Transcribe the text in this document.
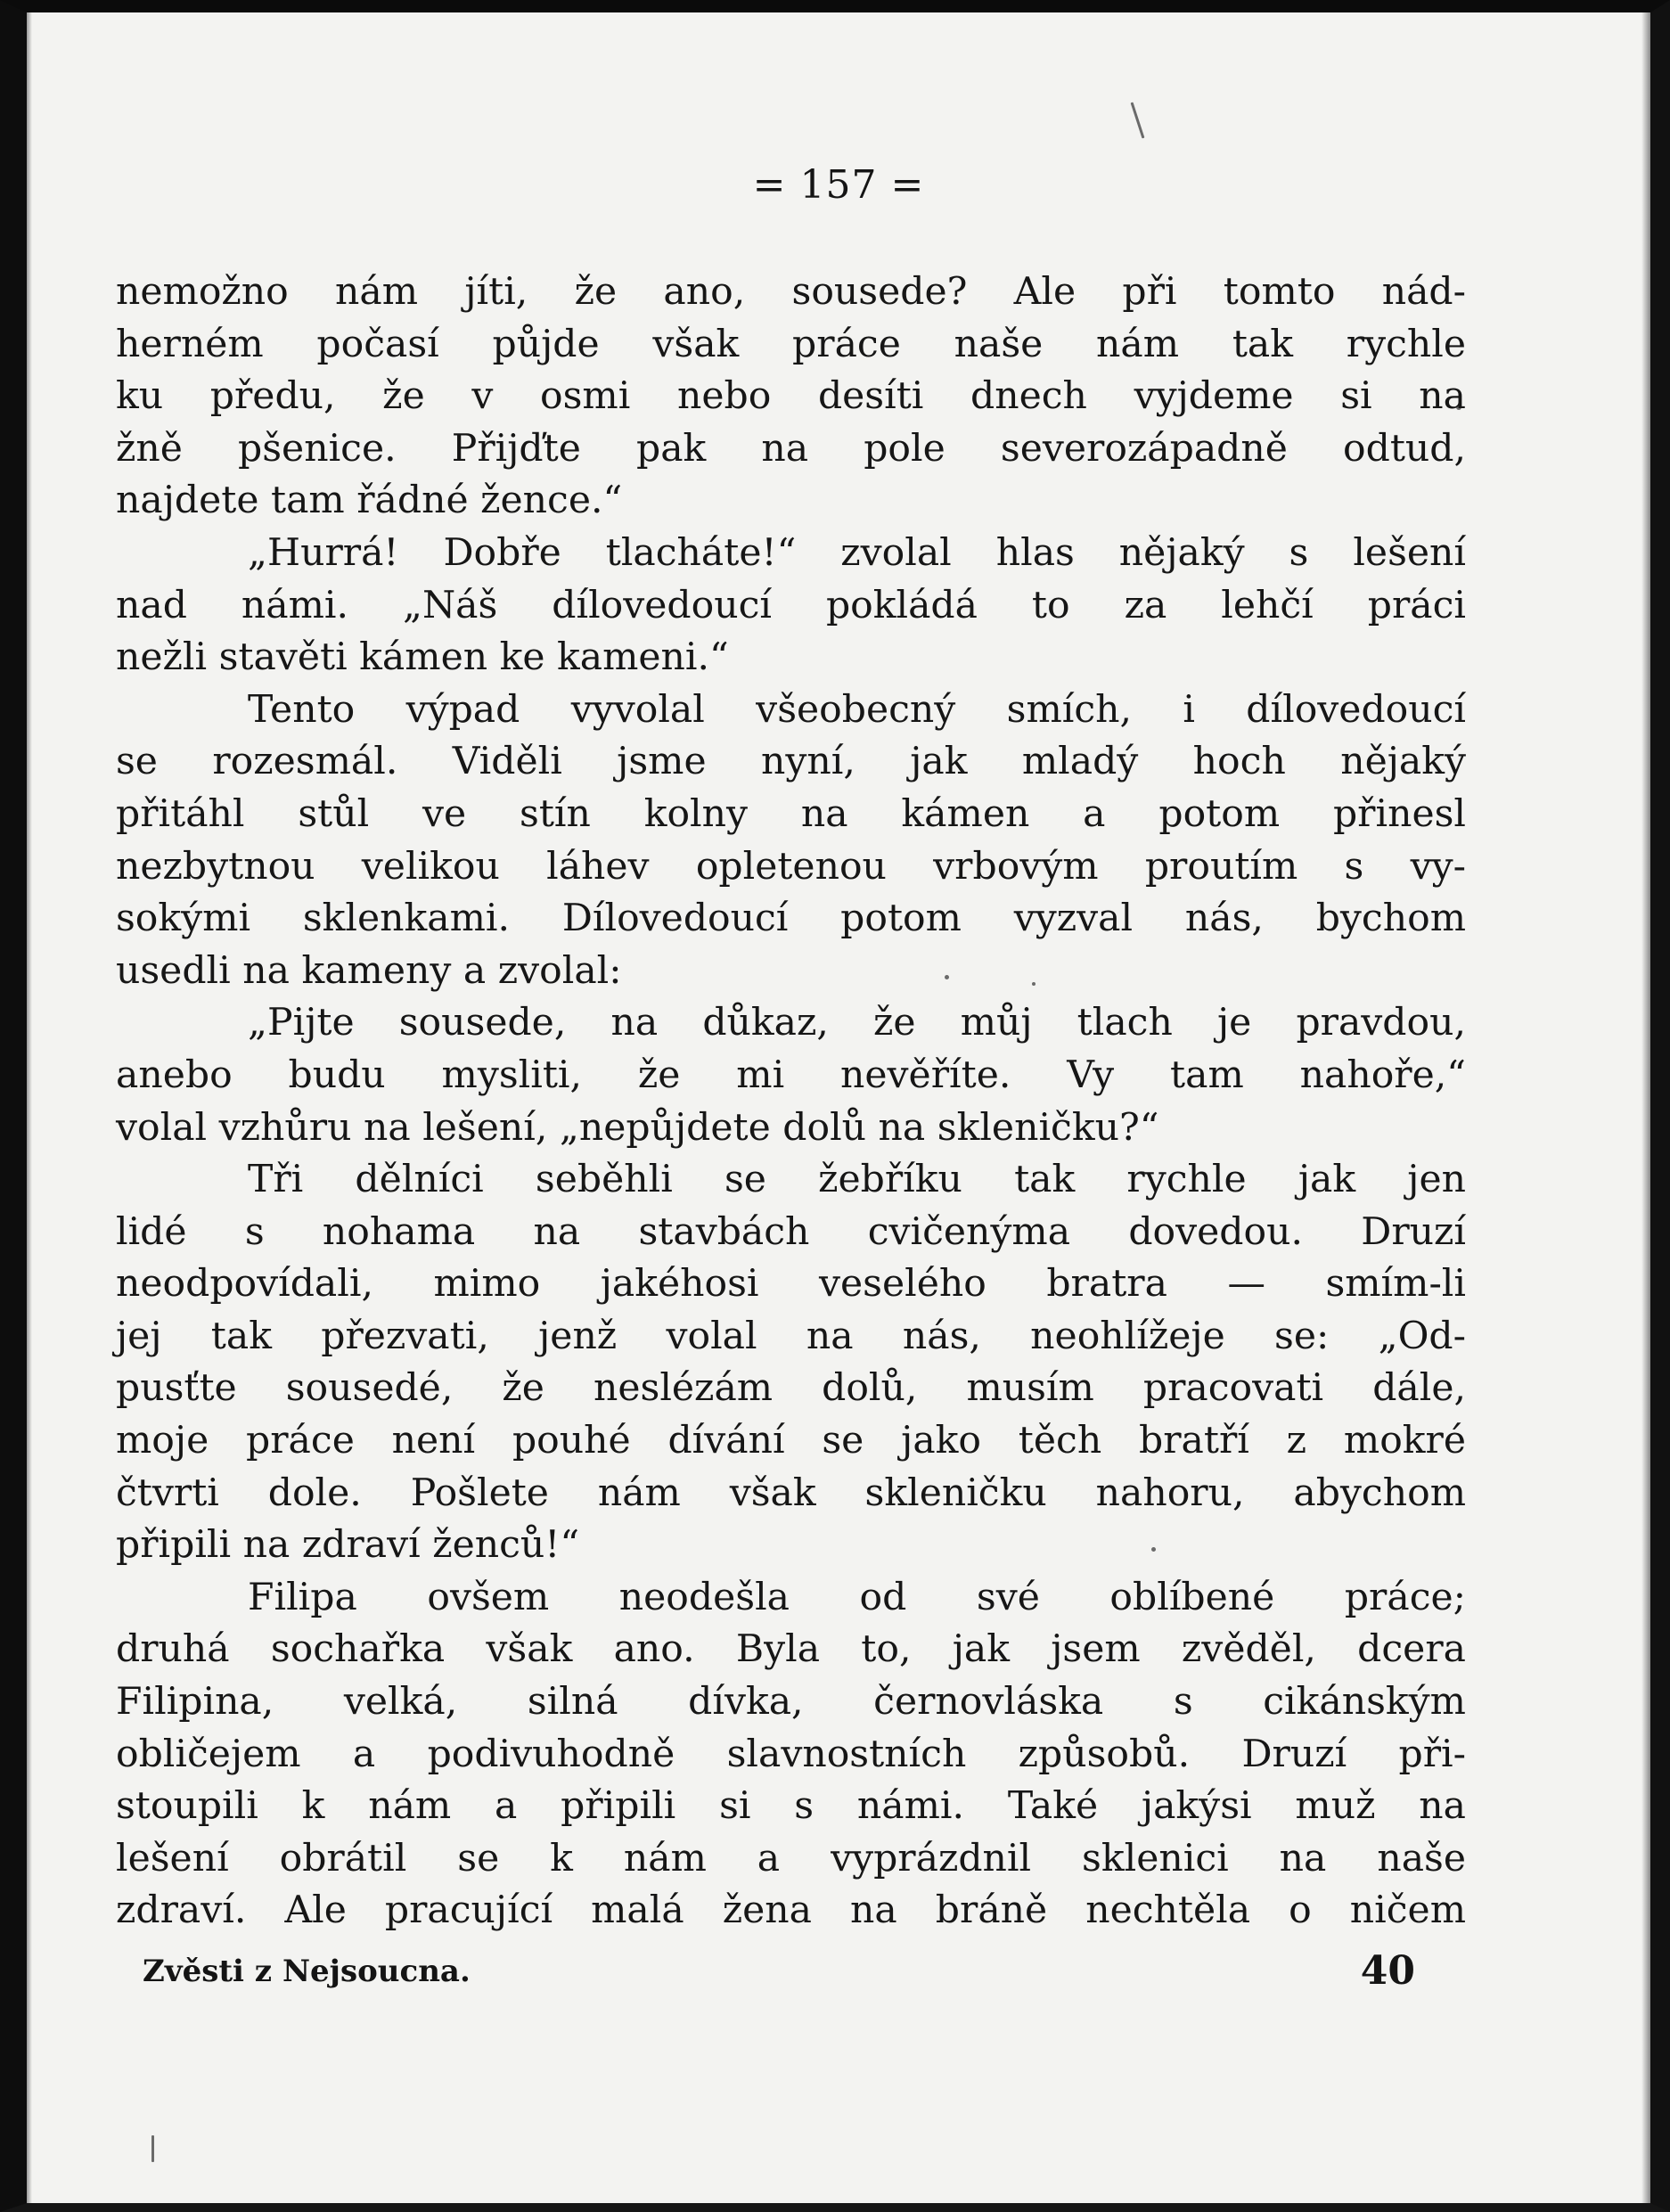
= 157 =
nemožno nám jíti, že ano, sousede? Ale při tomto nád-
herném počasí půjde však práce naše nám tak rychle
ku předu, že v osmi nebo desíti dnech vyjdeme si na
žně pšenice. Přijďte pak na pole severozápadně odtud,
najdete tam řádné žence.“
„Hurrá! Dobře tlacháte!“ zvolal hlas nějaký s lešení
nad námi. „Náš dílovedoucí pokládá to za lehčí práci
nežli stavěti kámen ke kameni.“
Tento výpad vyvolal všeobecný smích, i dílovedoucí
se rozesmál. Viděli jsme nyní, jak mladý hoch nějaký
přitáhl stůl ve stín kolny na kámen a potom přinesl
nezbytnou velikou láhev opletenou vrbovým proutím s vy-
sokými sklenkami. Dílovedoucí potom vyzval nás, bychom
usedli na kameny a zvolal:
„Pijte sousede, na důkaz, že můj tlach je pravdou,
anebo budu mysliti, že mi nevěříte. Vy tam nahoře,“
volal vzhůru na lešení, „nepůjdete dolů na skleničku?“
Tři dělníci seběhli se žebříku tak rychle jak jen
lidé s nohama na stavbách cvičenýma dovedou. Druzí
neodpovídali, mimo jakéhosi veselého bratra — smím-li
jej tak přezvati, jenž volal na nás, neohlížeje se: „Od-
pusťte sousedé, že neslézám dolů, musím pracovati dále,
moje práce není pouhé dívání se jako těch bratří z mokré
čtvrti dole. Pošlete nám však skleničku nahoru, abychom
připili na zdraví ženců!“
Filipa ovšem neodešla od své oblíbené práce;
druhá sochařka však ano. Byla to, jak jsem zvěděl, dcera
Filipina, velká, silná dívka, černovláska s cikánským
obličejem a podivuhodně slavnostních způsobů. Druzí při-
stoupili k nám a připili si s námi. Také jakýsi muž na
lešení obrátil se k nám a vyprázdnil sklenici na naše
zdraví. Ale pracující malá žena na bráně nechtěla o ničem
Zvěsti z Nejsoucna.	40
